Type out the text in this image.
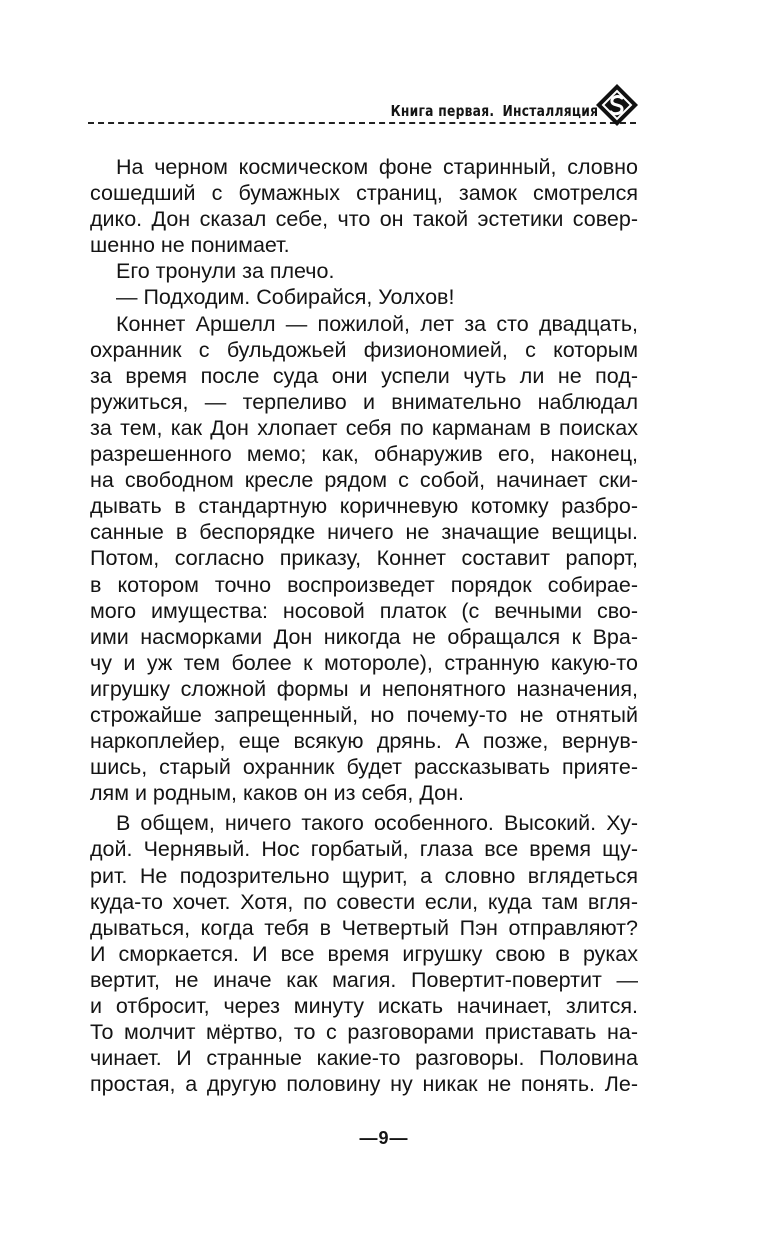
Книга первая. Инсталляция
На черном космическом фоне старинный, словно
сошедший с бумажных страниц, замок смотрелся
дико. Дон сказал себе, что он такой эстетики совер-
шенно не понимает.
Его тронули за плечо.
— Подходим. Собирайся, Уолхов!
Коннет Аршелл — пожилой, лет за сто двадцать,
охранник с бульдожьей физиономией, с которым
за время после суда они успели чуть ли не под-
ружиться, — терпеливо и внимательно наблюдал
за тем, как Дон хлопает себя по карманам в поисках
разрешенного мемо; как, обнаружив его, наконец,
на свободном кресле рядом с собой, начинает ски-
дывать в стандартную коричневую котомку разбро-
санные в беспорядке ничего не значащие вещицы.
Потом, согласно приказу, Коннет составит рапорт,
в котором точно воспроизведет порядок собирае-
мого имущества: носовой платок (с вечными сво-
ими насморками Дон никогда не обращался к Вра-
чу и уж тем более к моторолe), странную какую-то
игрушку сложной формы и непонятного назначения,
строжайше запрещенный, но почему-то не отнятый
наркоплейер, еще всякую дрянь. А позже, вернув-
шись, старый охранник будет рассказывать прияте-
лям и родным, каков он из себя, Дон.
В общем, ничего такого особенного. Высокий. Ху-
дой. Чернявый. Нос горбатый, глаза все время щу-
рит. Не подозрительно щурит, а словно вглядеться
куда-то хочет. Хотя, по совести если, куда там вгля-
дываться, когда тебя в Четвертый Пэн отправляют?
И сморкается. И все время игрушку свою в руках
вертит, не иначе как магия. Повертит-повертит —
и отбросит, через минуту искать начинает, злится.
То молчит мёртво, то с разговорами приставать на-
чинает. И странные какие-то разговоры. Половина
простая, а другую половину ну никак не понять. Ле-
—9—
